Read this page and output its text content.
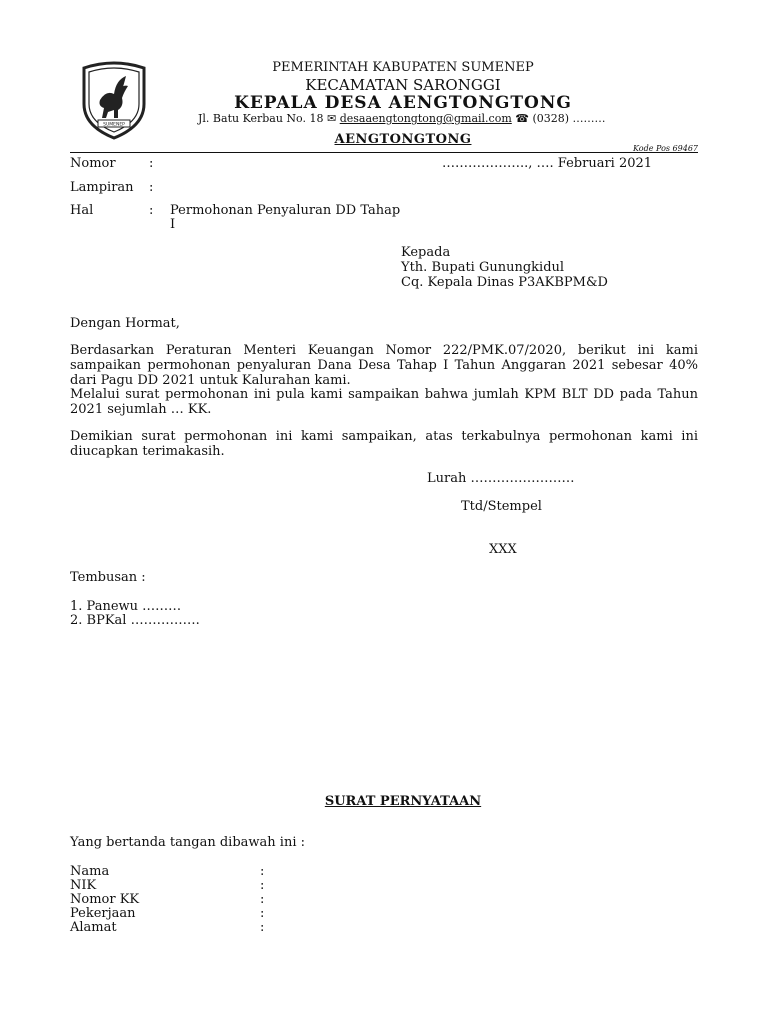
SUMENEP
PEMERINTAH KABUPATEN SUMENEP
KECAMATAN SARONGGI
KEPALA DESA AENGTONGTONG
Jl. Batu Kerbau No. 18 ✉ desaaengtongtong@gmail.com ☎ (0328) ………
AENGTONGTONG
Kode Pos 69467
Nomor	:	……………….., …. Februari 2021
Lampiran :
Hal	: Permohonan Penyaluran DD Tahap
I
Kepada
Yth. Bupati Gunungkidul
Cq. Kepala Dinas P3AKBPM&D
Dengan Hormat,
Berdasarkan Peraturan Menteri Keuangan Nomor 222/PMK.07/2020, berikut ini kami sampaikan permohonan penyaluran Dana Desa Tahap I Tahun Anggaran 2021 sebesar 40% dari Pagu DD 2021 untuk Kalurahan kami.
Melalui surat permohonan ini pula kami sampaikan bahwa jumlah KPM BLT DD pada Tahun 2021 sejumlah … KK.
Demikian surat permohonan ini kami sampaikan, atas terkabulnya permohonan kami ini diucapkan terimakasih.
Lurah ……………………
Ttd/Stempel
XXX
Tembusan :
1. Panewu ………
2. BPKal …………….
SURAT PERNYATAAN
Yang bertanda tangan dibawah ini :
Nama	:
NIK	:
Nomor KK	:
Pekerjaan	:
Alamat	:
